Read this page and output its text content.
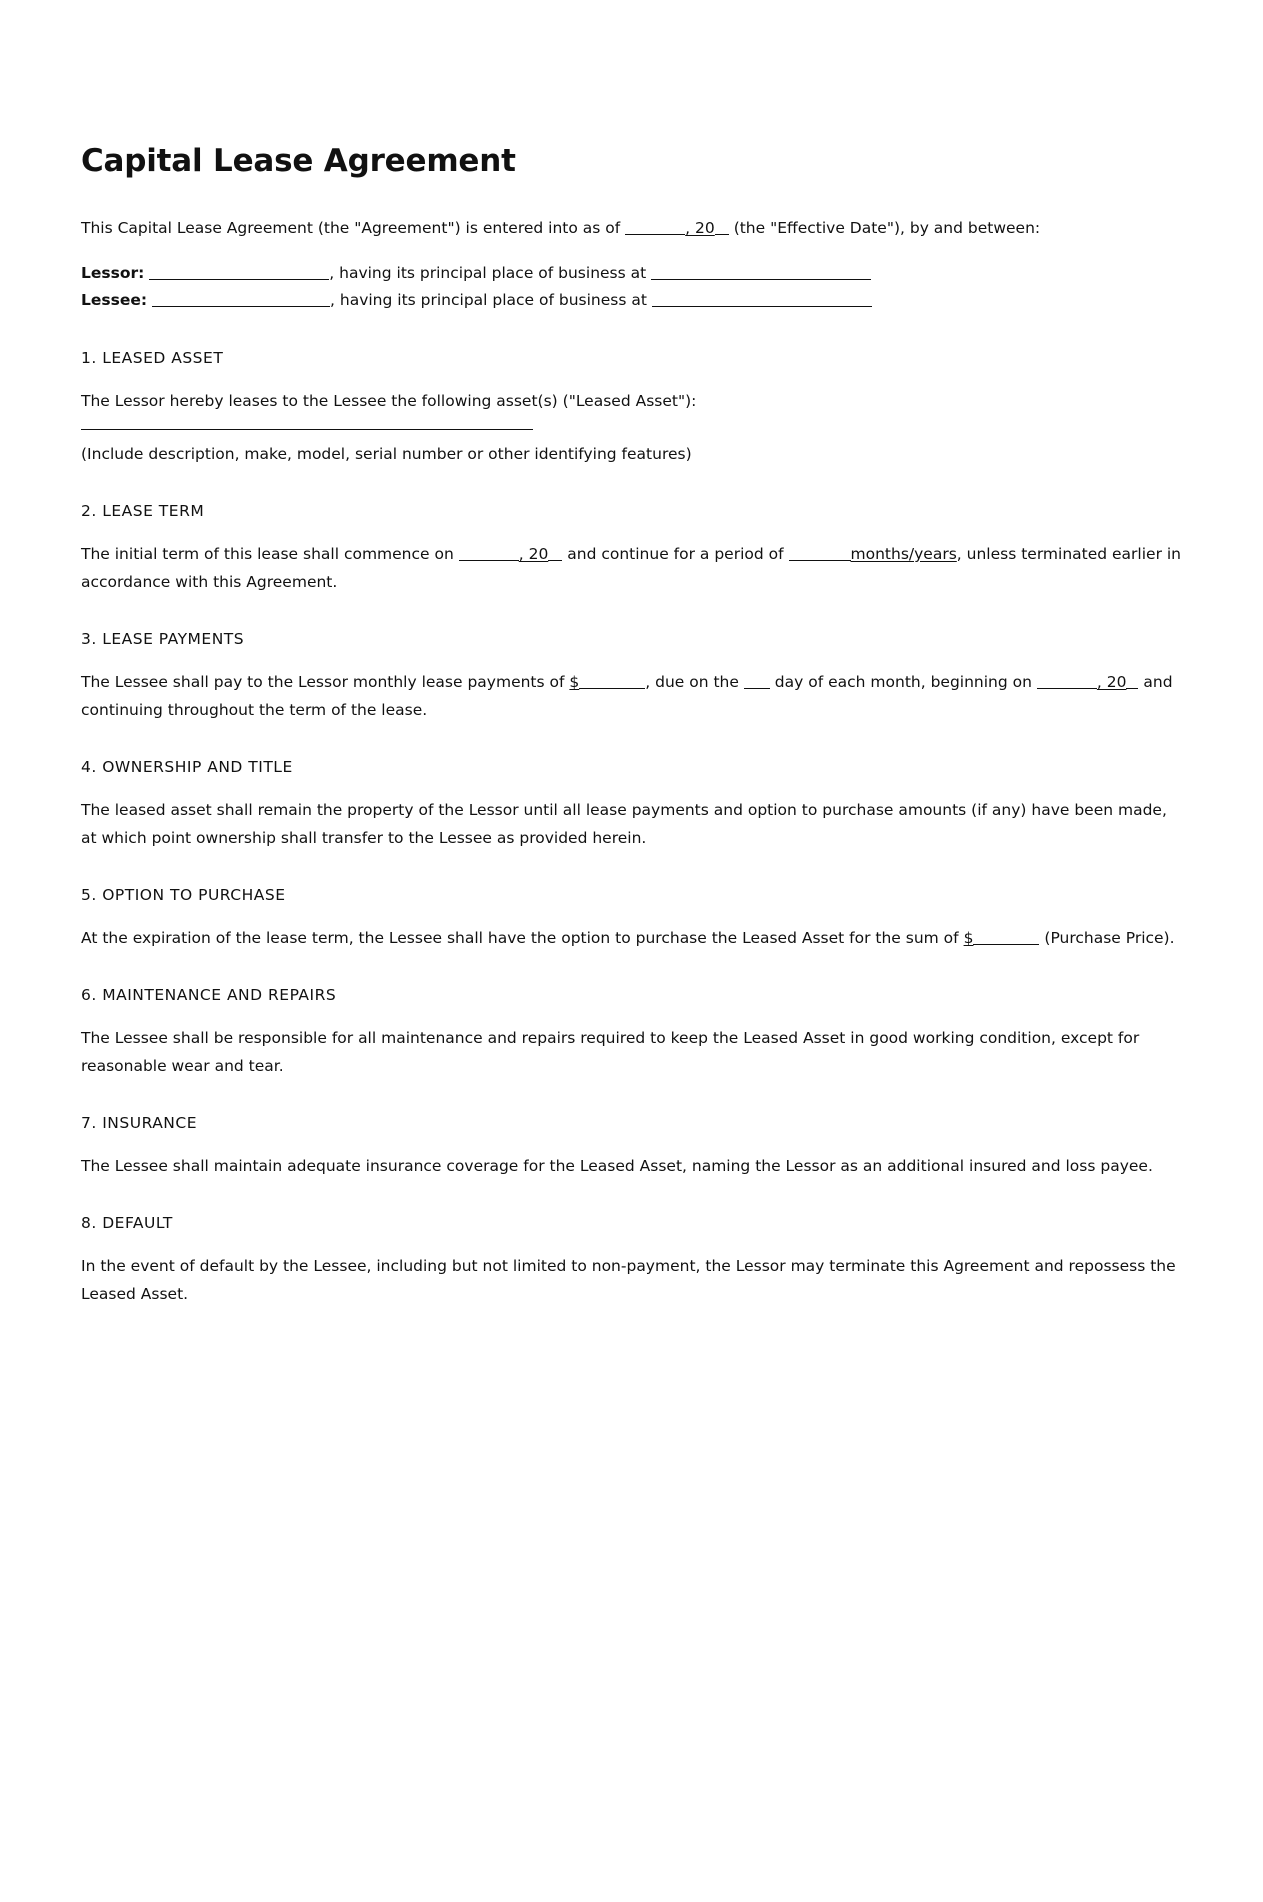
Capital Lease Agreement

This Capital Lease Agreement (the "Agreement") is entered into as of	, 20 (the "Effective Date"), by and between:

Lessor:	, having its principal place of business at

Lessee:	, having its principal place of business at

1. LEASED ASSET

The Lessor hereby leases to the Lessee the following asset(s) ("Leased Asset"):

(Include description, make, model, serial number or other identifying features)

2. LEASE TERM

The initial term of this lease shall commence on	, 20 and continue for a period of	months/years, unless terminated earlier in accordance with this Agreement.

3. LEASE PAYMENTS

The Lessee shall pay to the Lessor monthly lease payments of $	, due on the day of each month, beginning on	, 20 and continuing throughout the term of the lease.

4. OWNERSHIP AND TITLE

The leased asset shall remain the property of the Lessor until all lease payments and option to purchase amounts (if any) have been made, at which point ownership shall transfer to the Lessee as provided herein.

5. OPTION TO PURCHASE

At the expiration of the lease term, the Lessee shall have the option to purchase the Leased Asset for the sum of $	(Purchase Price).

6. MAINTENANCE AND REPAIRS

The Lessee shall be responsible for all maintenance and repairs required to keep the Leased Asset in good working condition, except for reasonable wear and tear.

7. INSURANCE

The Lessee shall maintain adequate insurance coverage for the Leased Asset, naming the Lessor as an additional insured and loss payee.

8. DEFAULT

In the event of default by the Lessee, including but not limited to non-payment, the Lessor may terminate this Agreement and repossess the Leased Asset.
